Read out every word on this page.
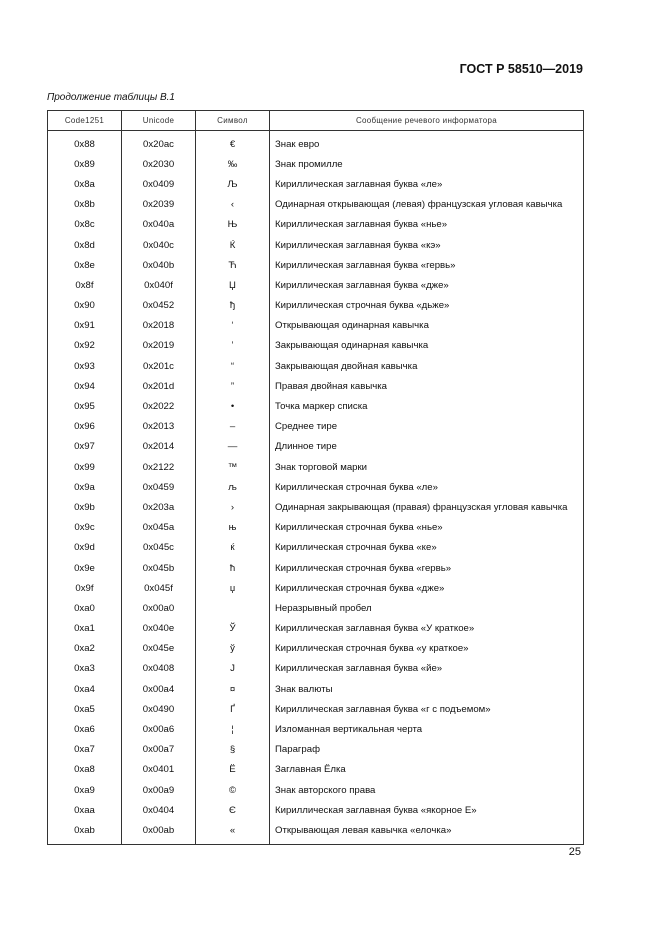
ГОСТ Р 58510—2019
Продолжение таблицы В.1
Code1251	Unicode	Символ	Сообщение речевого информатора
0x88	0x20ac	€	Знак евро
0x89	0x2030	‰	Знак промилле
0x8a	0x0409	Љ	Кириллическая заглавная буква «ле»
0x8b	0x2039	‹	Одинарная открывающая (левая) французская угловая кавычка
0x8c	0x040a	Њ	Кириллическая заглавная буква «нье»
0x8d	0x040c	Ќ	Кириллическая заглавная буква «кэ»
0x8e	0x040b	Ћ	Кириллическая заглавная буква «гервь»
0x8f	0x040f	Џ	Кириллическая заглавная буква «дже»
0x90	0x0452	ђ	Кириллическая строчная буква «дьже»
0x91	0x2018	‘	Открывающая одинарная кавычка
0x92	0x2019	’	Закрывающая одинарная кавычка
0x93	0x201c	“	Закрывающая двойная кавычка
0x94	0x201d	”	Правая двойная кавычка
0x95	0x2022	•	Точка маркер списка
0x96	0x2013	–	Среднее тире
0x97	0x2014	—	Длинное тире
0x99	0x2122	™	Знак торговой марки
0x9a	0x0459	љ	Кириллическая строчная буква «ле»
0x9b	0x203a	›	Одинарная закрывающая (правая) французская угловая кавычка
0x9c	0x045a	њ	Кириллическая строчная буква «нье»
0x9d	0x045c	ќ	Кириллическая строчная буква «ке»
0x9e	0x045b	ћ	Кириллическая строчная буква «гервь»
0x9f	0x045f	џ	Кириллическая строчная буква «дже»
0xa0	0x00a0		Неразрывный пробел
0xa1	0x040e	Ў	Кириллическая заглавная буква «У краткое»
0xa2	0x045e	ў	Кириллическая строчная буква «у краткое»
0xa3	0x0408	Ј	Кириллическая заглавная буква «йе»
0xa4	0x00a4	¤	Знак валюты
0xa5	0x0490	Ґ	Кириллическая заглавная буква «г с подъемом»
0xa6	0x00a6	¦	Изломанная вертикальная черта
0xa7	0x00a7	§	Параграф
0xa8	0x0401	Ё	Заглавная Ёлка
0xa9	0x00a9	©	Знак авторского права
0xaa	0x0404	Є	Кириллическая заглавная буква «якорное Е»
0xab	0x00ab	«	Открывающая левая кавычка «елочка»
25
